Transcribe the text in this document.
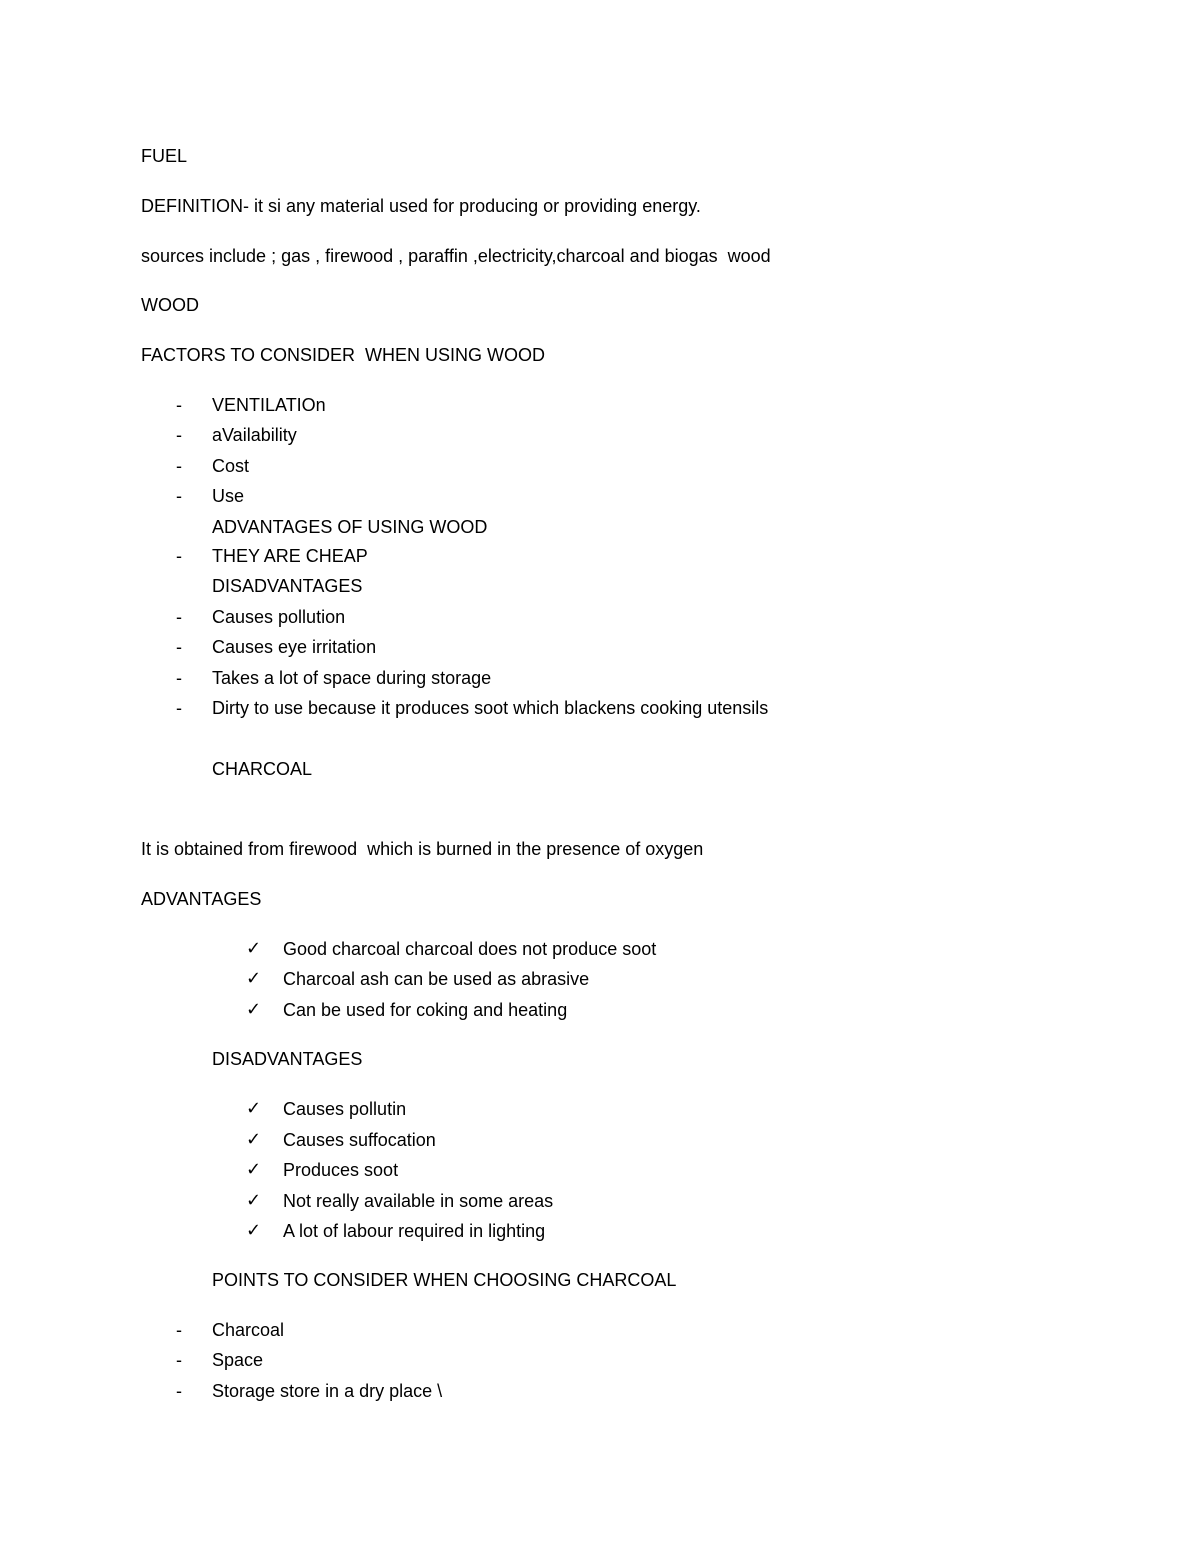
FUEL
DEFINITION- it si any material used for producing or providing energy.
sources include ; gas , firewood , paraffin ,electricity,charcoal and biogas  wood
WOOD
FACTORS TO CONSIDER  WHEN USING WOOD
- VENTILATIOn
- aVailability
- Cost
- Use
ADVANTAGES OF USING WOOD
- THEY ARE CHEAP
DISADVANTAGES
- Causes pollution
- Causes eye irritation
- Takes a lot of space during storage
- Dirty to use because it produces soot which blackens cooking utensils
CHARCOAL
It is obtained from firewood  which is burned in the presence of oxygen
ADVANTAGES
✓ Good charcoal charcoal does not produce soot
✓ Charcoal ash can be used as abrasive
✓ Can be used for coking and heating
DISADVANTAGES
✓ Causes pollutin
✓ Causes suffocation
✓ Produces soot
✓ Not really available in some areas
✓ A lot of labour required in lighting
POINTS TO CONSIDER WHEN CHOOSING CHARCOAL
- Charcoal
- Space
- Storage store in a dry place \
